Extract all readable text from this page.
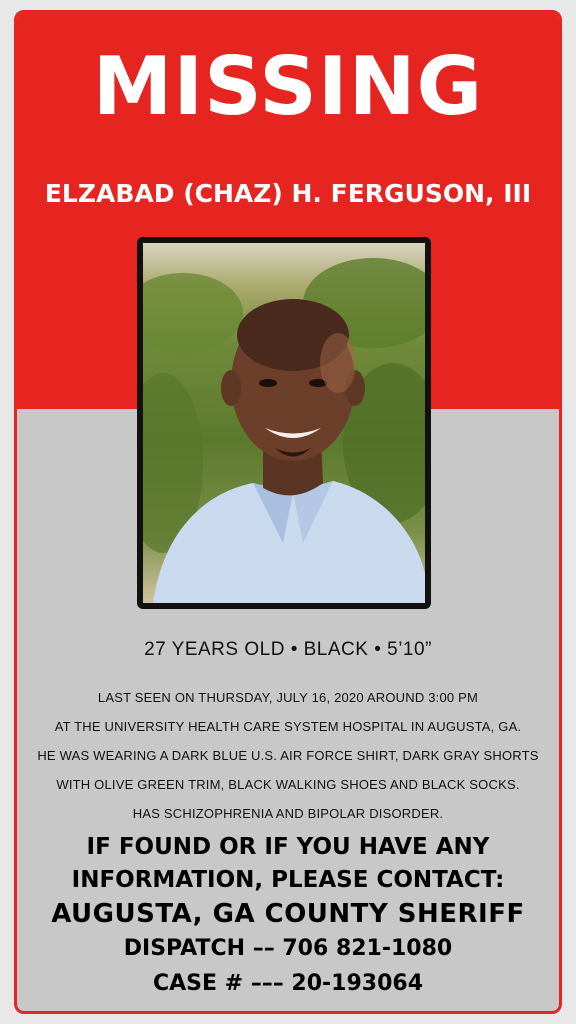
MISSING
ELZABAD (CHAZ) H. FERGUSON, III
27 YEARS OLD • BLACK • 5’10”
LAST SEEN ON THURSDAY, JULY 16, 2020 AROUND 3:00 PM
AT THE UNIVERSITY HEALTH CARE SYSTEM HOSPITAL IN AUGUSTA, GA.
HE WAS WEARING A DARK BLUE U.S. AIR FORCE SHIRT, DARK GRAY SHORTS
WITH OLIVE GREEN TRIM, BLACK WALKING SHOES AND BLACK SOCKS.
HAS SCHIZOPHRENIA AND BIPOLAR DISORDER.
IF FOUND OR IF YOU HAVE ANY
INFORMATION, PLEASE CONTACT:
AUGUSTA, GA COUNTY SHERIFF
DISPATCH –– 706 821-1080
CASE # ––– 20-193064
